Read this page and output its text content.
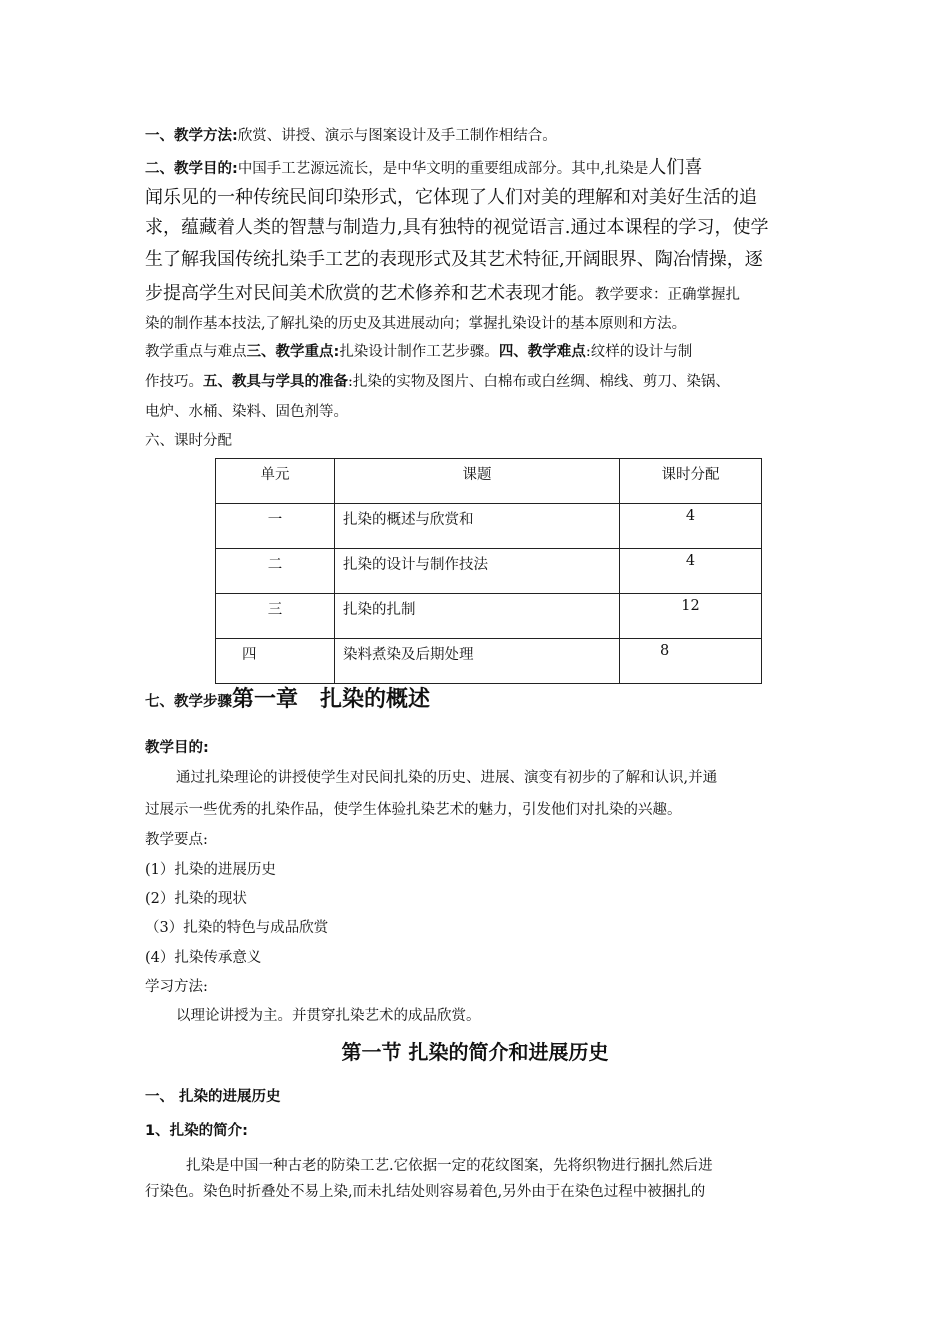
一、教学方法:欣赏、讲授、演示与图案设计及手工制作相结合。
二、教学目的:中国手工艺源远流长，是中华文明的重要组成部分。其中,扎染是人们喜
闻乐见的一种传统民间印染形式，它体现了人们对美的理解和对美好生活的追
求，蕴藏着人类的智慧与制造力,具有独特的视觉语言.通过本课程的学习，使学
生了解我国传统扎染手工艺的表现形式及其艺术特征,开阔眼界、陶冶情操，逐
步提高学生对民间美术欣赏的艺术修养和艺术表现才能。教学要求：正确掌握扎
染的制作基本技法,了解扎染的历史及其进展动向；掌握扎染设计的基本原则和方法。
教学重点与难点三、教学重点:扎染设计制作工艺步骤。四、教学难点:纹样的设计与制
作技巧。五、教具与学具的准备:扎染的实物及图片、白棉布或白丝绸、棉线、剪刀、染锅、
电炉、水桶、染料、固色剂等。
六、课时分配
单元	课题	课时分配
一	扎染的概述与欣赏和	4
二	扎染的设计与制作技法	4
三	扎染的扎制	12
四	染料煮染及后期处理	8
七、教学步骤第一章　扎染的概述
教学目的:
通过扎染理论的讲授使学生对民间扎染的历史、进展、演变有初步的了解和认识,并通
过展示一些优秀的扎染作品，使学生体验扎染艺术的魅力，引发他们对扎染的兴趣。
教学要点:
(1）扎染的进展历史
(2）扎染的现状
（3）扎染的特色与成品欣赏
(4）扎染传承意义
学习方法:
以理论讲授为主。并贯穿扎染艺术的成品欣赏。
第一节 扎染的简介和进展历史
一、 扎染的进展历史
1、扎染的简介:
扎染是中国一种古老的防染工艺.它依据一定的花纹图案，先将织物进行捆扎然后进
行染色。染色时折叠处不易上染,而未扎结处则容易着色,另外由于在染色过程中被捆扎的
